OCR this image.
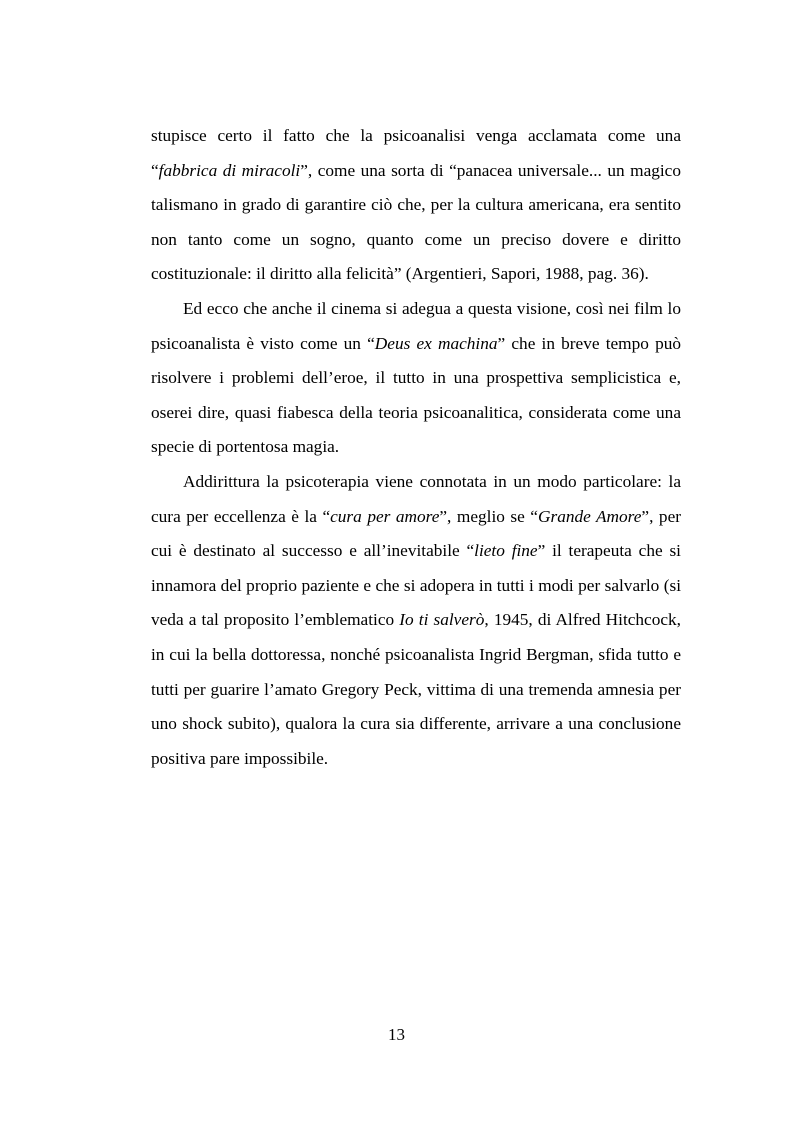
stupisce certo il fatto che la psicoanalisi venga acclamata come una “fabbrica di miracoli”, come una sorta di “panacea universale... un magico talismano in grado di garantire ciò che, per la cultura americana, era sentito non tanto come un sogno, quanto come un preciso dovere e diritto costituzionale: il diritto alla felicità” (Argentieri, Sapori, 1988, pag. 36).

Ed ecco che anche il cinema si adegua a questa visione, così nei film lo psicoanalista è visto come un “Deus ex machina” che in breve tempo può risolvere i problemi dell’eroe, il tutto in una prospettiva semplicistica e, oserei dire, quasi fiabesca della teoria psicoanalitica, considerata come una specie di portentosa magia.

Addirittura la psicoterapia viene connotata in un modo particolare: la cura per eccellenza è la “cura per amore”, meglio se “Grande Amore”, per cui è destinato al successo e all’inevitabile “lieto fine” il terapeuta che si innamora del proprio paziente e che si adopera in tutti i modi per salvarlo (si veda a tal proposito l’emblematico Io ti salverò, 1945, di Alfred Hitchcock, in cui la bella dottoressa, nonché psicoanalista Ingrid Bergman, sfida tutto e tutti per guarire l’amato Gregory Peck, vittima di una tremenda amnesia per uno shock subito), qualora la cura sia differente, arrivare a una conclusione positiva pare impossibile.

13
